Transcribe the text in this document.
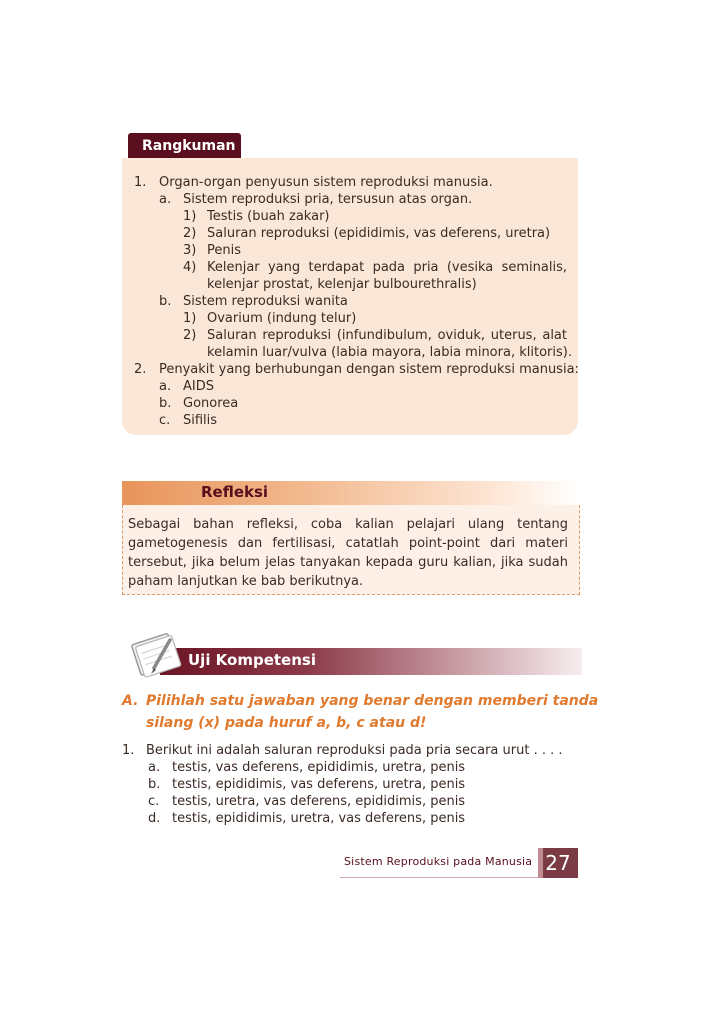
Rangkuman
1. Organ-organ penyusun sistem reproduksi manusia.
a. Sistem reproduksi pria, tersusun atas organ.
1) Testis (buah zakar)
2) Saluran reproduksi (epididimis, vas deferens, uretra)
3) Penis
4) Kelenjar yang terdapat pada pria (vesika seminalis,
kelenjar prostat, kelenjar bulbourethralis)
b. Sistem reproduksi wanita
1) Ovarium (indung telur)
2) Saluran reproduksi (infundibulum, oviduk, uterus, alat
kelamin luar/vulva (labia mayora, labia minora, klitoris).
2. Penyakit yang berhubungan dengan sistem reproduksi manusia:
a. AIDS
b. Gonorea
c. Sifilis
Refleksi
Sebagai bahan refleksi, coba kalian pelajari ulang tentang
gametogenesis dan fertilisasi, catatlah point-point dari materi
tersebut, jika belum jelas tanyakan kepada guru kalian, jika sudah
paham lanjutkan ke bab berikutnya.
Uji Kompetensi
A. Pilihlah satu jawaban yang benar dengan memberi tanda
silang (x) pada huruf a, b, c atau d!
1. Berikut ini adalah saluran reproduksi pada pria secara urut . . . .
a. testis, vas deferens, epididimis, uretra, penis
b. testis, epididimis, vas deferens, uretra, penis
c. testis, uretra, vas deferens, epididimis, penis
d. testis, epididimis, uretra, vas deferens, penis
Sistem Reproduksi pada Manusia 27
